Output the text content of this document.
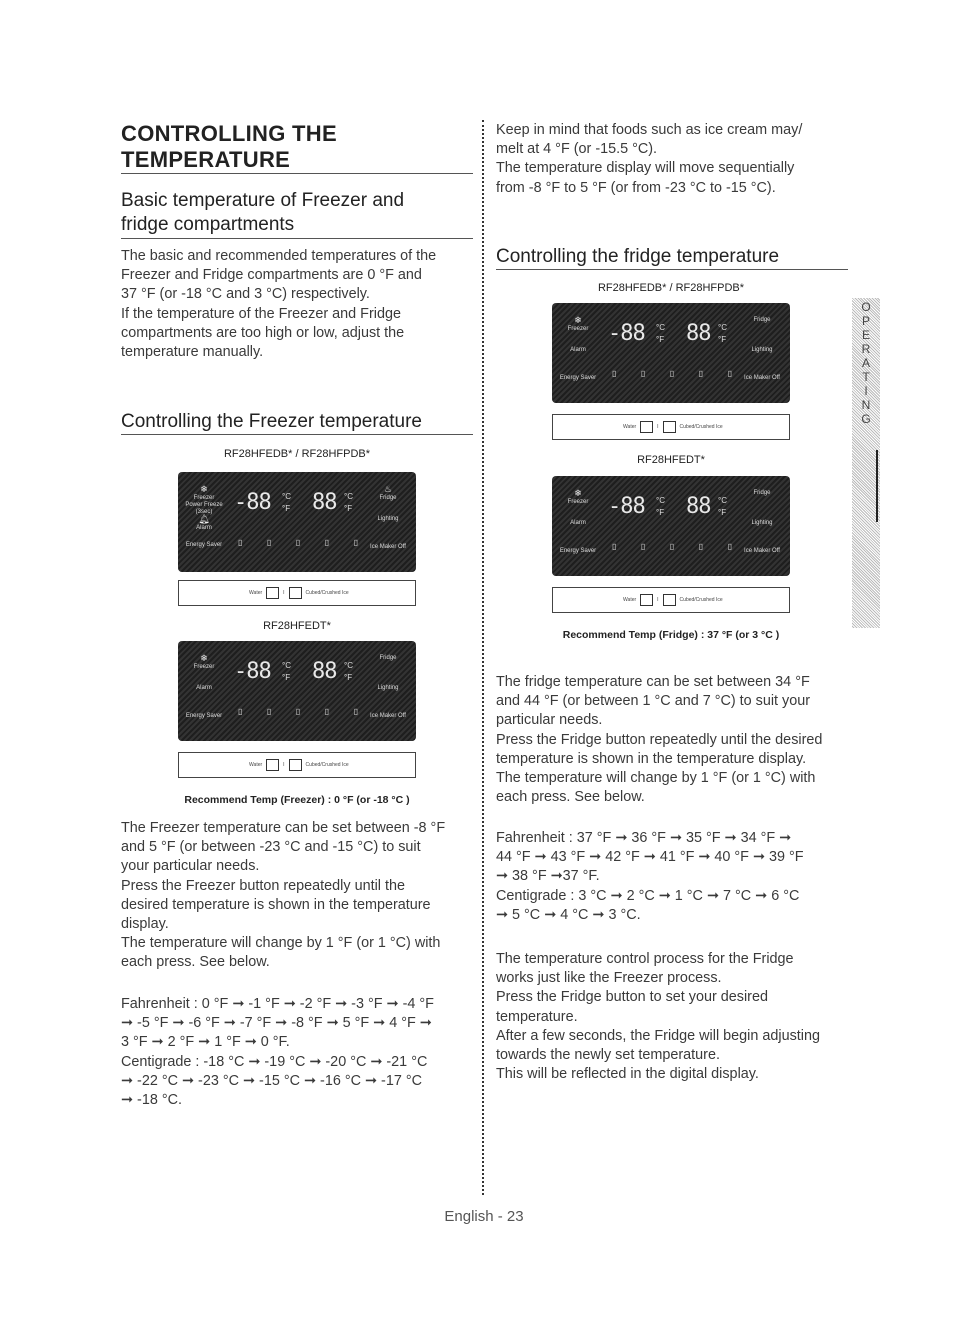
CONTROLLING THE
TEMPERATURE
Basic temperature of Freezer and
fridge compartments

The basic and recommended temperatures of the

Freezer and Fridge compartments are 0 °F and

37 °F (or -18 °C and 3 °C) respectively.

If the temperature of the Freezer and Fridge

compartments are too high or low, adjust the

temperature manually.

Controlling the Freezer temperature
RF28HFEDB* / RF28HFPDB*
❄
Freezer
Power Freeze (3sec)
🔔︎
Alarm
Energy Saver
-88 °C
°F 88 °C
°F
♨
Fridge
Lighting
Ice Maker Off
▯	▯	▯	▯	▯
Water	I	Cubed/Crushed Ice
RF28HFEDT*
❄
Freezer
Alarm
Energy Saver
-88 °C
°F 88 °C
°F
Fridge
Lighting
Ice Maker Off
▯	▯	▯	▯	▯
Water	I	Cubed/Crushed Ice
Recommend Temp (Freezer) : 0 °F (or -18 °C )

The Freezer temperature can be set between -8 °F

and 5 °F (or between -23 °C and -15 °C) to suit

your particular needs.

Press the Freezer button repeatedly until the

desired temperature is shown in the temperature

display.

The temperature will change by 1 °F (or 1 °C) with

each press. See below.

Fahrenheit : 0 °F ➞ -1 °F ➞ -2 °F ➞ -3 °F ➞ -4 °F

➞ -5 °F ➞ -6 °F ➞ -7 °F ➞ -8 °F ➞ 5 °F ➞ 4 °F ➞

3 °F ➞ 2 °F ➞ 1 °F ➞ 0 °F.

Centigrade : -18 °C ➞ -19 °C ➞ -20 °C ➞ -21 °C

➞ -22 °C ➞ -23 °C ➞ -15 °C ➞ -16 °C ➞ -17 °C

➞ -18 °C.

Keep in mind that foods such as ice cream may/

melt at 4 °F (or -15.5 °C).

The temperature display will move sequentially

from -8 °F to 5 °F (or from -23 °C to -15 °C).

Controlling the fridge temperature
RF28HFEDB* / RF28HFPDB*
❄
Freezer
Alarm
Energy Saver
-88 °C
°F 88 °C
°F
Fridge
Lighting
Ice Maker Off
▯	▯	▯	▯	▯
Water	I	Cubed/Crushed Ice
RF28HFEDT*
❄
Freezer
Alarm
Energy Saver
-88 °C
°F 88 °C
°F
Fridge
Lighting
Ice Maker Off
▯	▯	▯	▯	▯
Water	I	Cubed/Crushed Ice
Recommend Temp (Fridge) : 37 °F (or 3 °C )

The fridge temperature can be set between 34 °F

and 44 °F (or between 1 °C and 7 °C) to suit your

particular needs.

Press the Fridge button repeatedly until the desired

temperature is shown in the temperature display.

The temperature will change by 1 °F (or 1 °C) with

each press. See below.

Fahrenheit : 37 °F ➞ 36 °F ➞ 35 °F ➞ 34 °F ➞

44 °F ➞ 43 °F ➞ 42 °F ➞ 41 °F ➞ 40 °F ➞ 39 °F

➞ 38 °F ➞37 °F.

Centigrade : 3 °C ➞ 2 °C ➞ 1 °C ➞ 7 °C ➞ 6 °C

➞ 5 °C ➞ 4 °C ➞ 3 °C.

The temperature control process for the Fridge

works just like the Freezer process.

Press the Fridge button to set your desired

temperature.

After a few seconds, the Fridge will begin adjusting

towards the newly set temperature.

This will be reflected in the digital display.

O
P
E
R
A
T
I
N
G
English - 23
